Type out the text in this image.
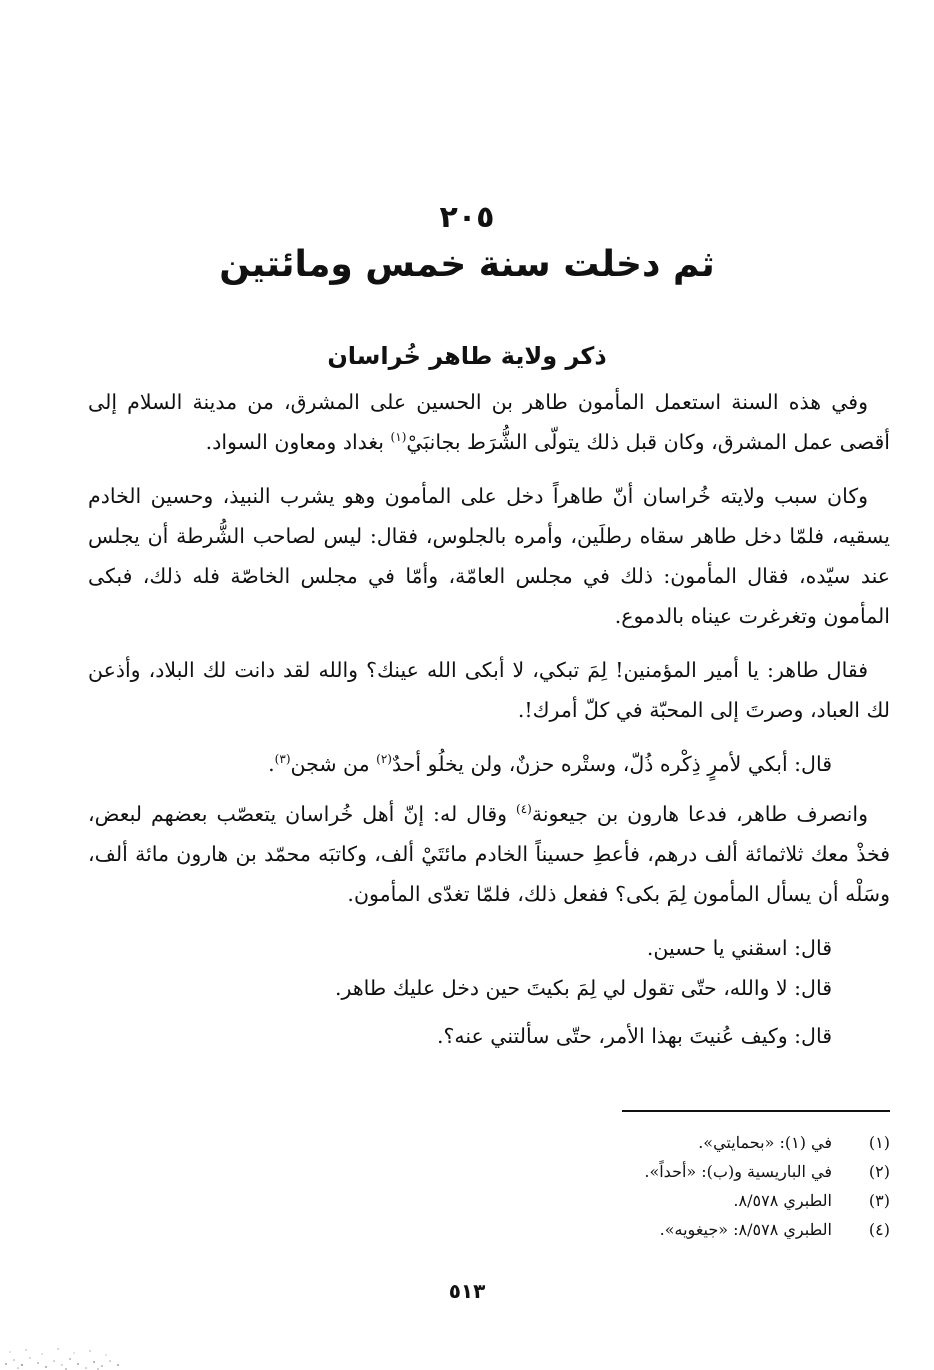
٢٠٥
ثم دخلت سنة خمس ومائتين
ذكر ولاية طاهر خُراسان

وفي هذه السنة استعمل المأمون طاهر بن الحسين على المشرق، من مدينة السلام إلى أقصى عمل المشرق، وكان قبل ذلك يتولّى الشُّرَط بجانبَيْ$^{(١)}$ بغداد ومعاون السواد.

وكان سبب ولايته خُراسان أنّ طاهراً دخل على المأمون وهو يشرب النبيذ، وحسين الخادم يسقيه، فلمّا دخل طاهر سقاه رطلَين، وأمره بالجلوس، فقال: ليس لصاحب الشُّرطة أن يجلس عند سيّده، فقال المأمون: ذلك في مجلس العامّة، وأمّا في مجلس الخاصّة فله ذلك، فبكى المأمون وتغرغرت عيناه بالدموع.

فقال طاهر: يا أمير المؤمنين! لِمَ تبكي، لا أبكى الله عينك؟ والله لقد دانت لك البلاد، وأذعن لك العباد، وصرتَ إلى المحبّة في كلّ أمرك!.

قال: أبكي لأمرٍ ذِكْره ذُلّ، وستْره حزنٌ، ولن يخلُو أحدٌ$^{(٢)}$ من شجن$^{(٣)}$.

وانصرف طاهر، فدعا هارون بن جيعونة$^{(٤)}$ وقال له: إنّ أهل خُراسان يتعصّب بعضهم لبعض، فخذْ معك ثلاثمائة ألف درهم، فأعطِ حسيناً الخادم مائتَيْ ألف، وكاتبَه محمّد بن هارون مائة ألف، وسَلْه أن يسأل المأمون لِمَ بكى؟ ففعل ذلك، فلمّا تغدّى المأمون.

قال: اسقني يا حسين.

قال: لا والله، حتّى تقول لي لِمَ بكيتَ حين دخل عليك طاهر.

قال: وكيف عُنيتَ بهذا الأمر، حتّى سألتني عنه؟.

(١)
في (١): «بحمايتي».
(٢)
في الباريسية و(ب): «أحداً».
(٣)
الطبري ٨/٥٧٨.
(٤)
الطبري ٨/٥٧٨: «جيغويه».
٥١٣
